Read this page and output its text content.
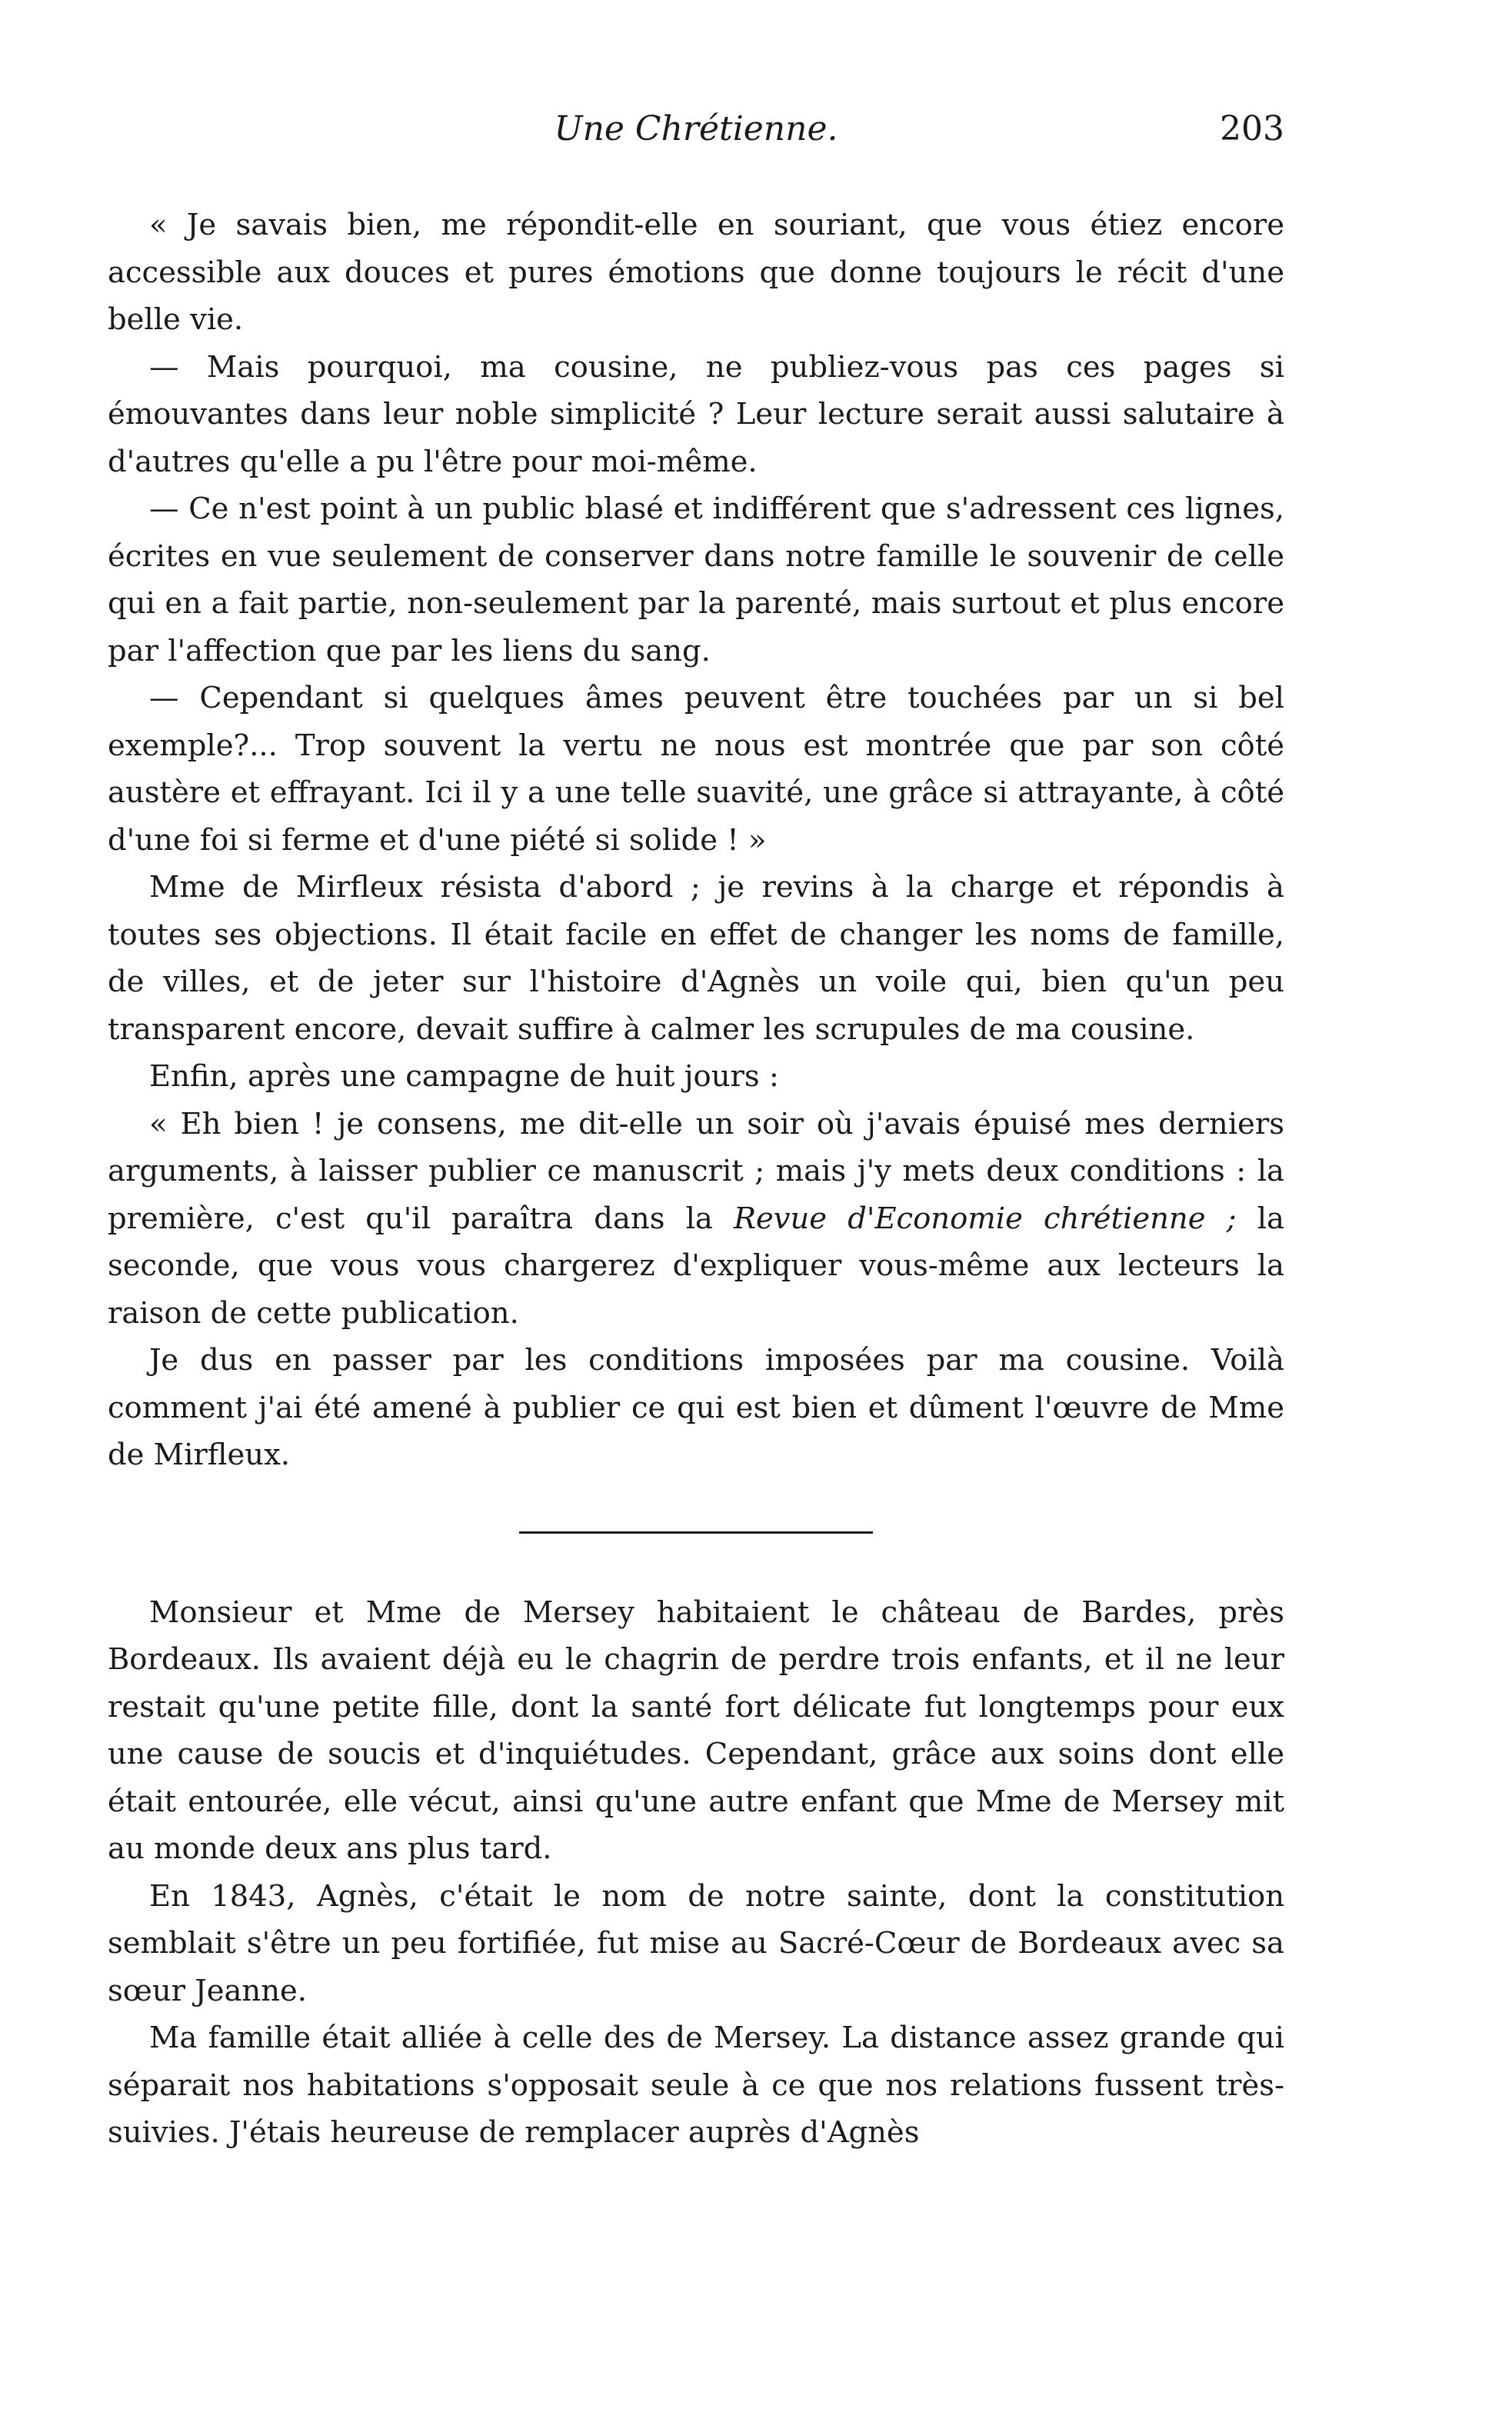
Une Chrétienne.	203

« Je savais bien, me répondit-elle en souriant, que vous étiez encore accessible aux douces et pures émotions que donne toujours le récit d'une belle vie.

— Mais pourquoi, ma cousine, ne publiez-vous pas ces pages si émouvantes dans leur noble simplicité ? Leur lecture serait aussi salutaire à d'autres qu'elle a pu l'être pour moi-même.

— Ce n'est point à un public blasé et indifférent que s'adressent ces lignes, écrites en vue seulement de conserver dans notre famille le souvenir de celle qui en a fait partie, non-seulement par la parenté, mais surtout et plus encore par l'affection que par les liens du sang.

— Cependant si quelques âmes peuvent être touchées par un si bel exemple?... Trop souvent la vertu ne nous est montrée que par son côté austère et effrayant. Ici il y a une telle suavité, une grâce si attrayante, à côté d'une foi si ferme et d'une piété si solide ! »

Mme de Mirfleux résista d'abord ; je revins à la charge et répondis à toutes ses objections. Il était facile en effet de changer les noms de famille, de villes, et de jeter sur l'histoire d'Agnès un voile qui, bien qu'un peu transparent encore, devait suffire à calmer les scrupules de ma cousine.

Enfin, après une campagne de huit jours :

« Eh bien ! je consens, me dit-elle un soir où j'avais épuisé mes derniers arguments, à laisser publier ce manuscrit ; mais j'y mets deux conditions : la première, c'est qu'il paraîtra dans la Revue d'Economie chrétienne ; la seconde, que vous vous chargerez d'expliquer vous-même aux lecteurs la raison de cette publication.

Je dus en passer par les conditions imposées par ma cousine. Voilà comment j'ai été amené à publier ce qui est bien et dûment l'œuvre de Mme de Mirfleux.

Monsieur et Mme de Mersey habitaient le château de Bardes, près Bordeaux. Ils avaient déjà eu le chagrin de perdre trois enfants, et il ne leur restait qu'une petite fille, dont la santé fort délicate fut longtemps pour eux une cause de soucis et d'inquiétudes. Cependant, grâce aux soins dont elle était entourée, elle vécut, ainsi qu'une autre enfant que Mme de Mersey mit au monde deux ans plus tard.

En 1843, Agnès, c'était le nom de notre sainte, dont la constitution semblait s'être un peu fortifiée, fut mise au Sacré-Cœur de Bordeaux avec sa sœur Jeanne.

Ma famille était alliée à celle des de Mersey. La distance assez grande qui séparait nos habitations s'opposait seule à ce que nos relations fussent très-suivies. J'étais heureuse de remplacer auprès d'Agnès
